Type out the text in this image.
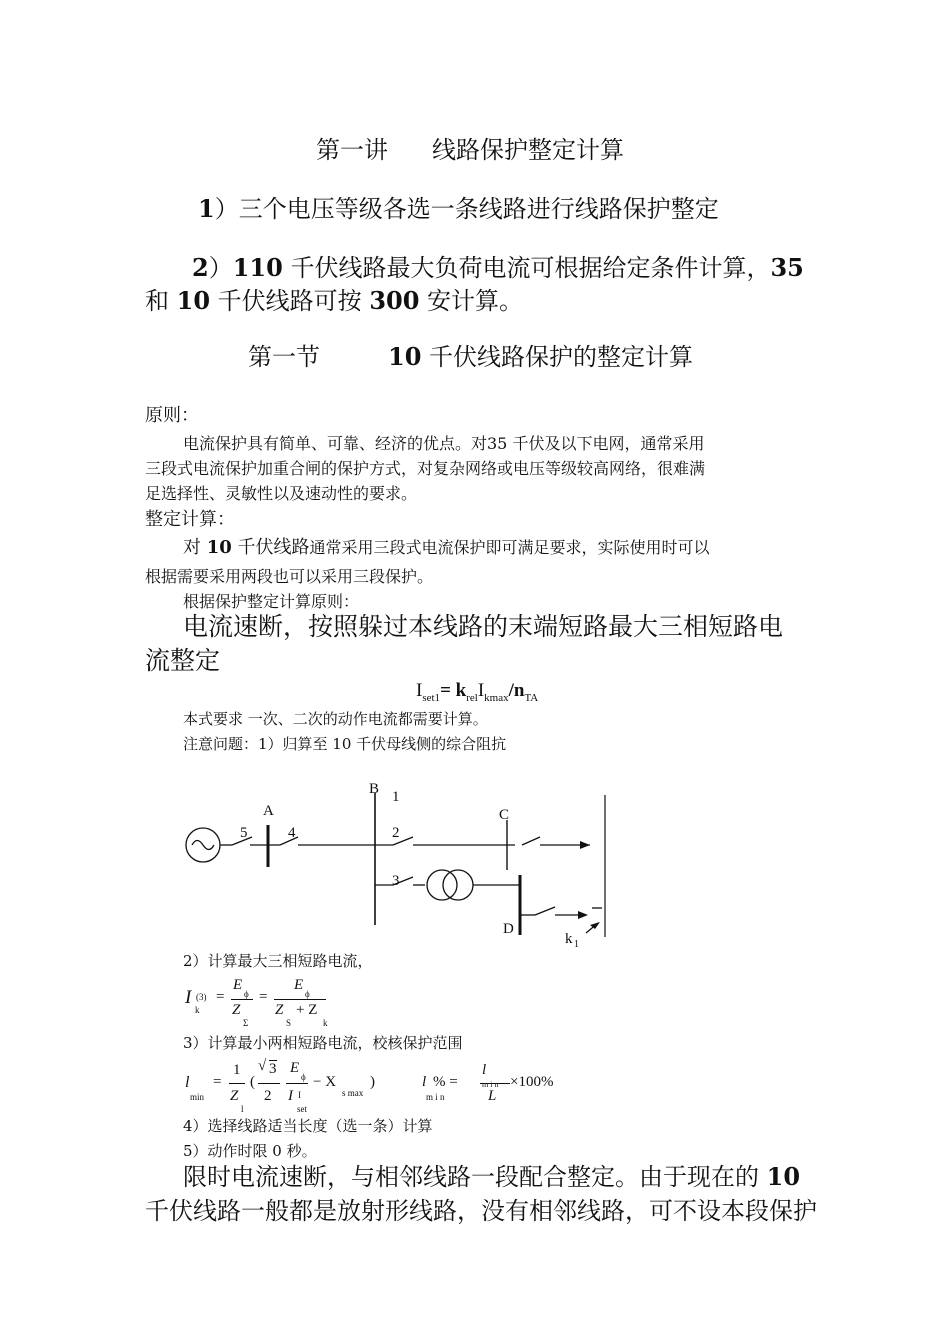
第一讲 线路保护整定计算
1）三个电压等级各选一条线路进行线路保护整定
2）110 千伏线路最大负荷电流可根据给定条件计算，35
和 10 千伏线路可按 300 安计算。
第一节	10 千伏线路保护的整定计算
原则：
电流保护具有简单、可靠、经济的优点。对35 千伏及以下电网，通常采用
三段式电流保护加重合闸的保护方式，对复杂网络或电压等级较高网络，很难满
足选择性、灵敏性以及速动性的要求。
整定计算：
对 10 千伏线路通常采用三段式电流保护即可满足要求，实际使用时可以
根据需要采用两段也可以采用三段保护。
根据保护整定计算原则：
电流速断，按照躲过本线路的末端短路最大三相短路电
流整定
$I_{set1}= k_{rel}I_{kmax}/n_{TA}$
本式要求 一次、二次的动作电流都需要计算。
注意问题：1）归算至 10 千伏母线侧的综合阻抗
A
5	4
B 1
2
3
C
D
k 1
2）计算最大三相短路电流，
I (3)
k
=
E
ϕ
Z
Σ
=
E
ϕ
Z
S
+ Z
k
3）计算最小两相短路电流，校核保护范围
l
min
=
1
Z
l
(
√ 3
2
E
ϕ
I I
set
− X
s max
)	l
m i n
% =
l
m i n
L
×100%
4）选择线路适当长度（选一条）计算
5）动作时限 0 秒。
限时电流速断，与相邻线路一段配合整定。由于现在的 10
千伏线路一般都是放射形线路，没有相邻线路，可不设本段保护
